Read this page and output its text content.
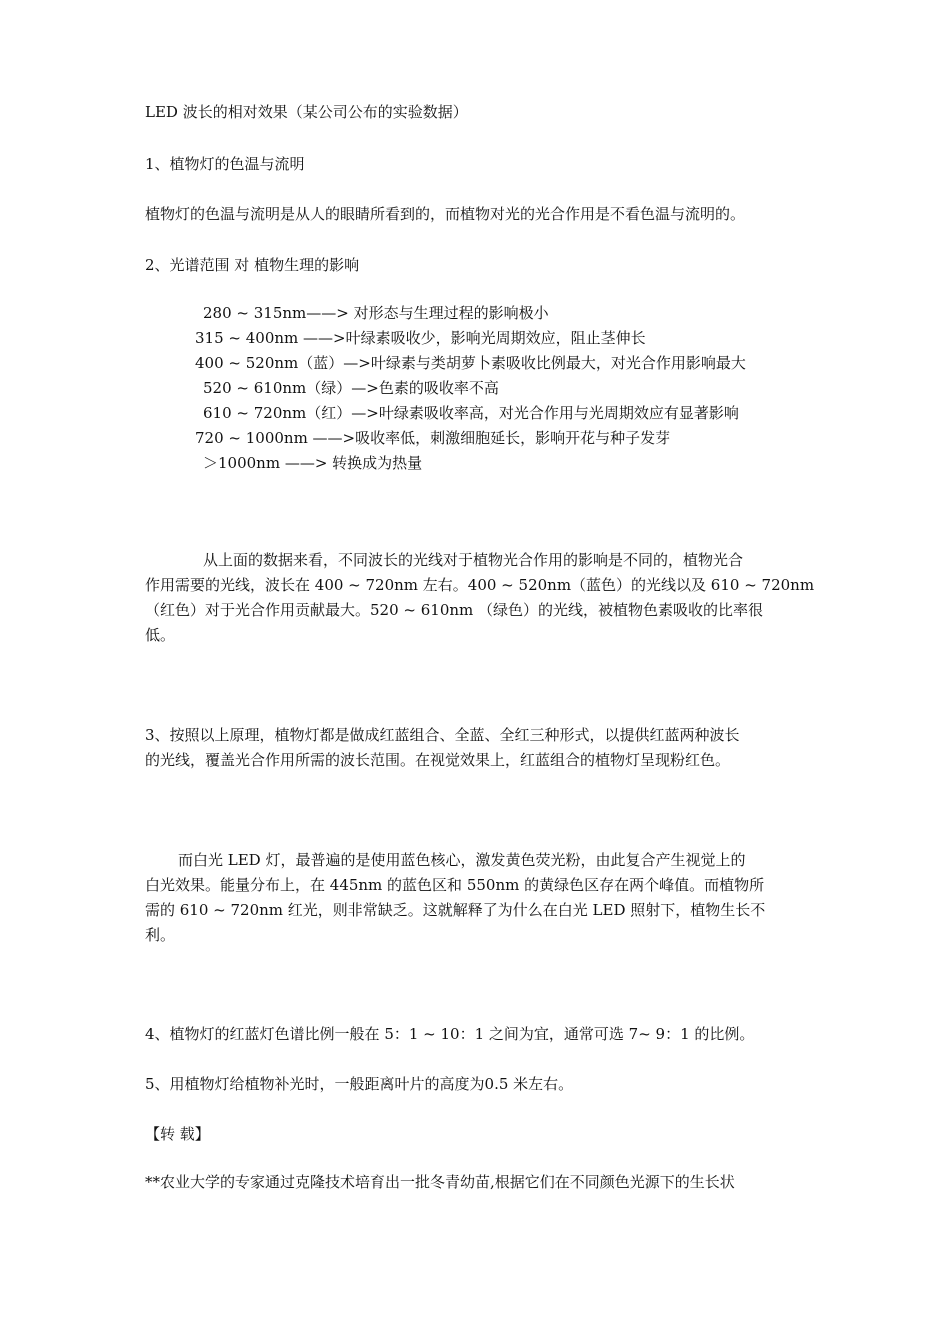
LED 波长的相对效果（某公司公布的实验数据）
1、植物灯的色温与流明
植物灯的色温与流明是从人的眼睛所看到的，而植物对光的光合作用是不看色温与流明的。
2、光谱范围 对 植物生理的影响
280 ~ 315nm——> 对形态与生理过程的影响极小
315 ~ 400nm ——>叶绿素吸收少，影响光周期效应，阻止茎伸长
400 ~ 520nm（蓝）—>叶绿素与类胡萝卜素吸收比例最大，对光合作用影响最大
520 ~ 610nm（绿）—>色素的吸收率不高
610 ~ 720nm（红）—>叶绿素吸收率高，对光合作用与光周期效应有显著影响
720 ~ 1000nm ——>吸收率低，刺激细胞延长，影响开花与种子发芽
＞1000nm ——> 转换成为热量
从上面的数据来看，不同波长的光线对于植物光合作用的影响是不同的，植物光合
作用需要的光线，波长在 400 ~ 720nm 左右。400 ~ 520nm（蓝色）的光线以及 610 ~ 720nm
（红色）对于光合作用贡献最大。520 ~ 610nm （绿色）的光线，被植物色素吸收的比率很
低。
3、按照以上原理，植物灯都是做成红蓝组合、全蓝、全红三种形式，以提供红蓝两种波长
的光线，覆盖光合作用所需的波长范围。在视觉效果上，红蓝组合的植物灯呈现粉红色。
而白光 LED 灯，最普遍的是使用蓝色核心，激发黄色荧光粉，由此复合产生视觉上的
白光效果。能量分布上，在 445nm 的蓝色区和 550nm 的黄绿色区存在两个峰值。而植物所
需的 610 ~ 720nm 红光，则非常缺乏。这就解释了为什么在白光 LED 照射下，植物生长不
利。
4、植物灯的红蓝灯色谱比例一般在 5：1 ~ 10：1 之间为宜，通常可选 7~ 9：1 的比例。
5、用植物灯给植物补光时，一般距离叶片的高度为0.5 米左右。
【转 载】
**农业大学的专家通过克隆技术培育出一批冬青幼苗,根据它们在不同颜色光源下的生长状
